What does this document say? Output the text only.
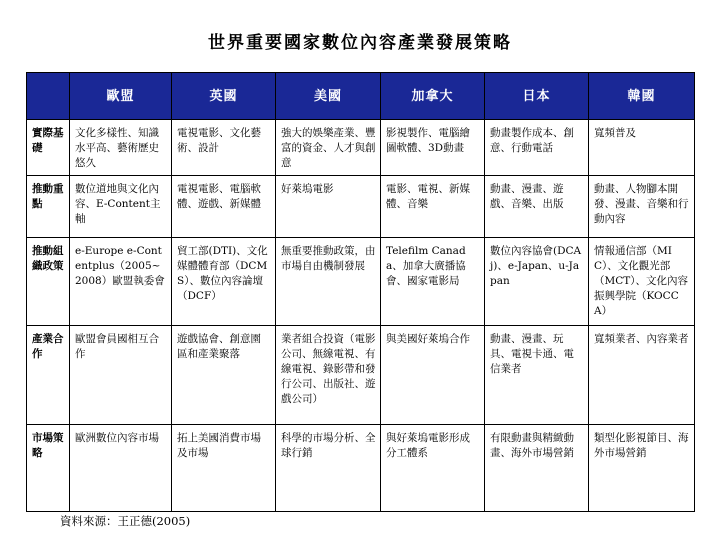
世界重要國家數位內容產業發展策略
	歐盟	英國	美國	加拿大	日本	韓國
實際基礎	文化多樣性、知識水平高、藝術歷史悠久	電視電影、文化藝術、設計	強大的娛樂產業、豐富的資金、人才與創意	影視製作、電腦繪圖軟體、3D動畫	動畫製作成本、創意、行動電話	寬頻普及
推動重點	數位道地與文化內容、E-Content主軸	電視電影、電腦軟體、遊戲、新媒體	好萊塢電影	電影、電視、新媒體、音樂	動畫、漫畫、遊戲、音樂、出版	動畫、人物腳本開發、漫畫、音樂和行動內容
推動組織政策	e-Europe e-Contentplus（2005~2008）歐盟執委會	貿工部(DTI)、文化媒體體育部（DCMS）、數位內容論壇（DCF）	無重要推動政策，由市場自由機制發展	Telefilm Canada、加拿大廣播協會、國家電影局	數位內容協會(DCAj)、e-Japan、u-Japan	情報通信部（MIC）、文化觀光部（MCT）、文化內容振興學院（KOCCA）
產業合作	歐盟會員國相互合作	遊戲協會、創意園區和產業聚落	業者組合投資（電影公司、無線電視、有線電視、錄影帶和發行公司、出版社、遊戲公司）	與美國好萊塢合作	動畫、漫畫、玩具、電視卡通、電信業者	寬頻業者、內容業者
市場策略	歐洲數位內容市場	拓上美國消費市場及市場	科學的市場分析、全球行銷	與好萊塢電影形成分工體系	有限動畫與精緻動畫、海外市場營銷	類型化影視節目、海外市場營銷
資料來源：王正德(2005)
